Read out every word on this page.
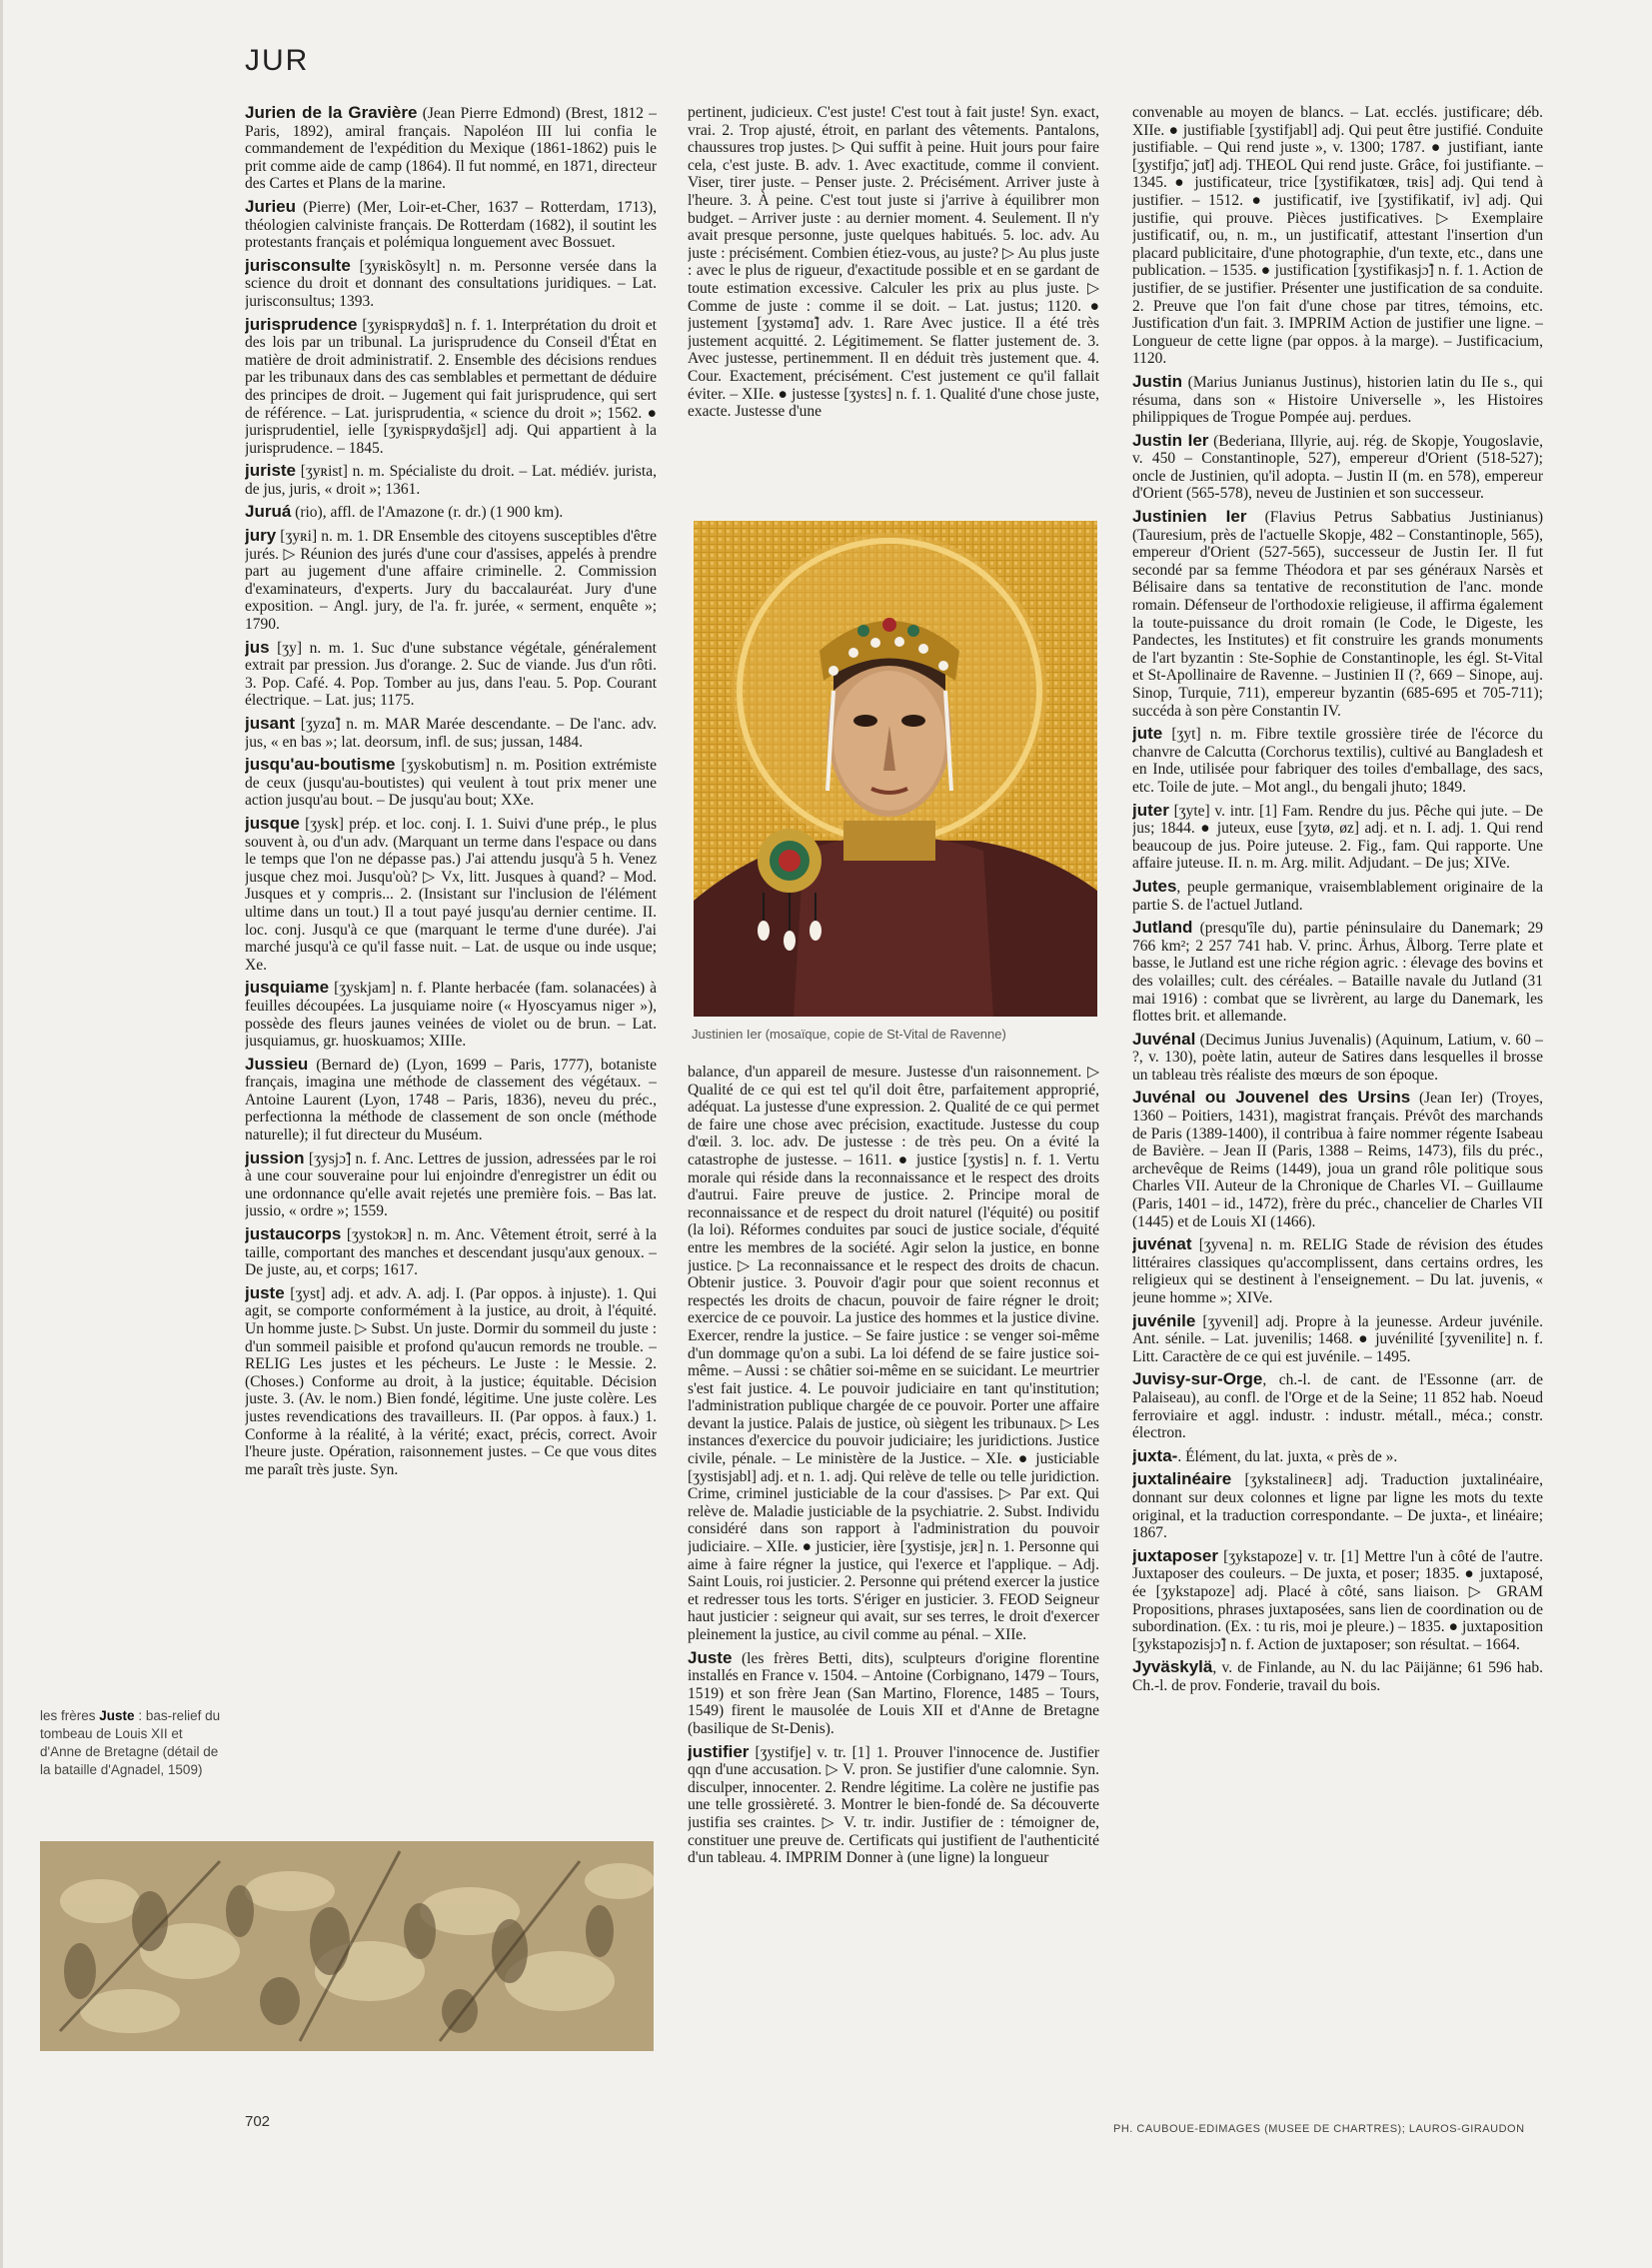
JUR
Jurien de la Gravière (Jean Pierre Edmond) (Brest, 1812 – Paris, 1892), amiral français. Napoléon III lui confia le commandement de l'expédition du Mexique (1861-1862) puis le prit comme aide de camp (1864). Il fut nommé, en 1871, directeur des Cartes et Plans de la marine.
Jurieu (Pierre) (Mer, Loir-et-Cher, 1637 – Rotterdam, 1713), théologien calviniste français. De Rotterdam (1682), il soutint les protestants français et polémiqua longuement avec Bossuet.
jurisconsulte [ʒyʀiskõsylt] n. m. Personne versée dans la science du droit et donnant des consultations juridiques. – Lat. jurisconsultus; 1393.
jurisprudence [ʒyʀispʀydɑ̃s] n. f. 1. Interprétation du droit et des lois par un tribunal. La jurisprudence du Conseil d'État en matière de droit administratif. 2. Ensemble des décisions rendues par les tribunaux dans des cas semblables et permettant de déduire des principes de droit. – Jugement qui fait jurisprudence, qui sert de référence. – Lat. jurisprudentia, « science du droit »; 1562. ● jurisprudentiel, ielle [ʒyʀispʀydɑ̃sjɛl] adj. Qui appartient à la jurisprudence. – 1845.
juriste [ʒyʀist] n. m. Spécialiste du droit. – Lat. médiév. jurista, de jus, juris, « droit »; 1361.
Juruá (rio), affl. de l'Amazone (r. dr.) (1 900 km).
jury [ʒyʀi] n. m. 1. DR Ensemble des citoyens susceptibles d'être jurés. ▷ Réunion des jurés d'une cour d'assises, appelés à prendre part au jugement d'une affaire criminelle. 2. Commission d'examinateurs, d'experts. Jury du baccalauréat. Jury d'une exposition. – Angl. jury, de l'a. fr. jurée, « serment, enquête »; 1790.
jus [ʒy] n. m. 1. Suc d'une substance végétale, généralement extrait par pression. Jus d'orange. 2. Suc de viande. Jus d'un rôti. 3. Pop. Café. 4. Pop. Tomber au jus, dans l'eau. 5. Pop. Courant électrique. – Lat. jus; 1175.
jusant [ʒyzɑ̃] n. m. MAR Marée descendante. – De l'anc. adv. jus, « en bas »; lat. deorsum, infl. de sus; jussan, 1484.
jusqu'au-boutisme [ʒyskobutism] n. m. Position extrémiste de ceux (jusqu'au-boutistes) qui veulent à tout prix mener une action jusqu'au bout. – De jusqu'au bout; XXe.
jusque [ʒysk] prép. et loc. conj. I. 1. Suivi d'une prép., le plus souvent à, ou d'un adv. (Marquant un terme dans l'espace ou dans le temps que l'on ne dépasse pas.) J'ai attendu jusqu'à 5 h. Venez jusque chez moi. Jusqu'où? ▷ Vx, litt. Jusques à quand? – Mod. Jusques et y compris... 2. (Insistant sur l'inclusion de l'élément ultime dans un tout.) Il a tout payé jusqu'au dernier centime. II. loc. conj. Jusqu'à ce que (marquant le terme d'une durée). J'ai marché jusqu'à ce qu'il fasse nuit. – Lat. de usque ou inde usque; Xe.
jusquiame [ʒyskjam] n. f. Plante herbacée (fam. solanacées) à feuilles découpées. La jusquiame noire (« Hyoscyamus niger »), possède des fleurs jaunes veinées de violet ou de brun. – Lat. jusquiamus, gr. huoskuamos; XIIIe.
Jussieu (Bernard de) (Lyon, 1699 – Paris, 1777), botaniste français, imagina une méthode de classement des végétaux. – Antoine Laurent (Lyon, 1748 – Paris, 1836), neveu du préc., perfectionna la méthode de classement de son oncle (méthode naturelle); il fut directeur du Muséum.
jussion [ʒysjɔ̃] n. f. Anc. Lettres de jussion, adressées par le roi à une cour souveraine pour lui enjoindre d'enregistrer un édit ou une ordonnance qu'elle avait rejetés une première fois. – Bas lat. jussio, « ordre »; 1559.
justaucorps [ʒystokɔʀ] n. m. Anc. Vêtement étroit, serré à la taille, comportant des manches et descendant jusqu'aux genoux. – De juste, au, et corps; 1617.
juste [ʒyst] adj. et adv. A. adj. I. (Par oppos. à injuste). 1. Qui agit, se comporte conformément à la justice, au droit, à l'équité. Un homme juste. ▷ Subst. Un juste. Dormir du sommeil du juste : d'un sommeil paisible et profond qu'aucun remords ne trouble. – RELIG Les justes et les pécheurs. Le Juste : le Messie. 2. (Choses.) Conforme au droit, à la justice; équitable. Décision juste. 3. (Av. le nom.) Bien fondé, légitime. Une juste colère. Les justes revendications des travailleurs. II. (Par oppos. à faux.) 1. Conforme à la réalité, à la vérité; exact, précis, correct. Avoir l'heure juste. Opération, raisonnement justes. – Ce que vous dites me paraît très juste. Syn.
pertinent, judicieux. C'est juste! C'est tout à fait juste! Syn. exact, vrai. 2. Trop ajusté, étroit, en parlant des vêtements. Pantalons, chaussures trop justes. ▷ Qui suffit à peine. Huit jours pour faire cela, c'est juste. B. adv. 1. Avec exactitude, comme il convient. Viser, tirer juste. – Penser juste. 2. Précisément. Arriver juste à l'heure. 3. À peine. C'est tout juste si j'arrive à équilibrer mon budget. – Arriver juste : au dernier moment. 4. Seulement. Il n'y avait presque personne, juste quelques habitués. 5. loc. adv. Au juste : précisément. Combien étiez-vous, au juste? ▷ Au plus juste : avec le plus de rigueur, d'exactitude possible et en se gardant de toute estimation excessive. Calculer les prix au plus juste. ▷ Comme de juste : comme il se doit. – Lat. justus; 1120. ● justement [ʒystəmɑ̃] adv. 1. Rare Avec justice. Il a été très justement acquitté. 2. Légitimement. Se flatter justement de. 3. Avec justesse, pertinemment. Il en déduit très justement que. 4. Cour. Exactement, précisément. C'est justement ce qu'il fallait éviter. – XIIe. ● justesse [ʒystɛs] n. f. 1. Qualité d'une chose juste, exacte. Justesse d'une
Justinien Ier (mosaïque, copie de St-Vital de Ravenne)
balance, d'un appareil de mesure. Justesse d'un raisonnement. ▷ Qualité de ce qui est tel qu'il doit être, parfaitement approprié, adéquat. La justesse d'une expression. 2. Qualité de ce qui permet de faire une chose avec précision, exactitude. Justesse du coup d'œil. 3. loc. adv. De justesse : de très peu. On a évité la catastrophe de justesse. – 1611. ● justice [ʒystis] n. f. 1. Vertu morale qui réside dans la reconnaissance et le respect des droits d'autrui. Faire preuve de justice. 2. Principe moral de reconnaissance et de respect du droit naturel (l'équité) ou positif (la loi). Réformes conduites par souci de justice sociale, d'équité entre les membres de la société. Agir selon la justice, en bonne justice. ▷ La reconnaissance et le respect des droits de chacun. Obtenir justice. 3. Pouvoir d'agir pour que soient reconnus et respectés les droits de chacun, pouvoir de faire régner le droit; exercice de ce pouvoir. La justice des hommes et la justice divine. Exercer, rendre la justice. – Se faire justice : se venger soi-même d'un dommage qu'on a subi. La loi défend de se faire justice soi-même. – Aussi : se châtier soi-même en se suicidant. Le meurtrier s'est fait justice. 4. Le pouvoir judiciaire en tant qu'institution; l'administration publique chargée de ce pouvoir. Porter une affaire devant la justice. Palais de justice, où siègent les tribunaux. ▷ Les instances d'exercice du pouvoir judiciaire; les juridictions. Justice civile, pénale. – Le ministère de la Justice. – XIe. ● justiciable [ʒystisjabl] adj. et n. 1. adj. Qui relève de telle ou telle juridiction. Crime, criminel justiciable de la cour d'assises. ▷ Par ext. Qui relève de. Maladie justiciable de la psychiatrie. 2. Subst. Individu considéré dans son rapport à l'administration du pouvoir judiciaire. – XIIe. ● justicier, ière [ʒystisje, jɛʀ] n. 1. Personne qui aime à faire régner la justice, qui l'exerce et l'applique. – Adj. Saint Louis, roi justicier. 2. Personne qui prétend exercer la justice et redresser tous les torts. S'ériger en justicier. 3. FEOD Seigneur haut justicier : seigneur qui avait, sur ses terres, le droit d'exercer pleinement la justice, au civil comme au pénal. – XIIe.
Juste (les frères Betti, dits), sculpteurs d'origine florentine installés en France v. 1504. – Antoine (Corbignano, 1479 – Tours, 1519) et son frère Jean (San Martino, Florence, 1485 – Tours, 1549) firent le mausolée de Louis XII et d'Anne de Bretagne (basilique de St-Denis).
justifier [ʒystifje] v. tr. [1] 1. Prouver l'innocence de. Justifier qqn d'une accusation. ▷ V. pron. Se justifier d'une calomnie. Syn. disculper, innocenter. 2. Rendre légitime. La colère ne justifie pas une telle grossièreté. 3. Montrer le bien-fondé de. Sa découverte justifia ses craintes. ▷ V. tr. indir. Justifier de : témoigner de, constituer une preuve de. Certificats qui justifient de l'authenticité d'un tableau. 4. IMPRIM Donner à (une ligne) la longueur
convenable au moyen de blancs. – Lat. ecclés. justificare; déb. XIIe. ● justifiable [ʒystifjabl] adj. Qui peut être justifié. Conduite justifiable. – Qui rend juste », v. 1300; 1787. ● justifiant, iante [ʒystifjɑ̃, jɑ̃t] adj. THEOL Qui rend juste. Grâce, foi justifiante. – 1345. ● justificateur, trice [ʒystifikatœʀ, tʀis] adj. Qui tend à justifier. – 1512. ● justificatif, ive [ʒystifikatif, iv] adj. Qui justifie, qui prouve. Pièces justificatives. ▷ Exemplaire justificatif, ou, n. m., un justificatif, attestant l'insertion d'un placard publicitaire, d'une photographie, d'un texte, etc., dans une publication. – 1535. ● justification [ʒystifikasjɔ̃] n. f. 1. Action de justifier, de se justifier. Présenter une justification de sa conduite. 2. Preuve que l'on fait d'une chose par titres, témoins, etc. Justification d'un fait. 3. IMPRIM Action de justifier une ligne. – Longueur de cette ligne (par oppos. à la marge). – Justificacium, 1120.
Justin (Marius Junianus Justinus), historien latin du IIe s., qui résuma, dans son « Histoire Universelle », les Histoires philippiques de Trogue Pompée auj. perdues.
Justin Ier (Bederiana, Illyrie, auj. rég. de Skopje, Yougoslavie, v. 450 – Constantinople, 527), empereur d'Orient (518-527); oncle de Justinien, qu'il adopta. – Justin II (m. en 578), empereur d'Orient (565-578), neveu de Justinien et son successeur.
Justinien Ier (Flavius Petrus Sabbatius Justinianus) (Tauresium, près de l'actuelle Skopje, 482 – Constantinople, 565), empereur d'Orient (527-565), successeur de Justin Ier. Il fut secondé par sa femme Théodora et par ses généraux Narsès et Bélisaire dans sa tentative de reconstitution de l'anc. monde romain. Défenseur de l'orthodoxie religieuse, il affirma également la toute-puissance du droit romain (le Code, le Digeste, les Pandectes, les Institutes) et fit construire les grands monuments de l'art byzantin : Ste-Sophie de Constantinople, les égl. St-Vital et St-Apollinaire de Ravenne. – Justinien II (?, 669 – Sinope, auj. Sinop, Turquie, 711), empereur byzantin (685-695 et 705-711); succéda à son père Constantin IV.
jute [ʒyt] n. m. Fibre textile grossière tirée de l'écorce du chanvre de Calcutta (Corchorus textilis), cultivé au Bangladesh et en Inde, utilisée pour fabriquer des toiles d'emballage, des sacs, etc. Toile de jute. – Mot angl., du bengali jhuto; 1849.
juter [ʒyte] v. intr. [1] Fam. Rendre du jus. Pêche qui jute. – De jus; 1844. ● juteux, euse [ʒytø, øz] adj. et n. I. adj. 1. Qui rend beaucoup de jus. Poire juteuse. 2. Fig., fam. Qui rapporte. Une affaire juteuse. II. n. m. Arg. milit. Adjudant. – De jus; XIVe.
Jutes, peuple germanique, vraisemblablement originaire de la partie S. de l'actuel Jutland.
Jutland (presqu'île du), partie péninsulaire du Danemark; 29 766 km²; 2 257 741 hab. V. princ. Århus, Ålborg. Terre plate et basse, le Jutland est une riche région agric. : élevage des bovins et des volailles; cult. des céréales. – Bataille navale du Jutland (31 mai 1916) : combat que se livrèrent, au large du Danemark, les flottes brit. et allemande.
Juvénal (Decimus Junius Juvenalis) (Aquinum, Latium, v. 60 – ?, v. 130), poète latin, auteur de Satires dans lesquelles il brosse un tableau très réaliste des mœurs de son époque.
Juvénal ou Jouvenel des Ursins (Jean Ier) (Troyes, 1360 – Poitiers, 1431), magistrat français. Prévôt des marchands de Paris (1389-1400), il contribua à faire nommer régente Isabeau de Bavière. – Jean II (Paris, 1388 – Reims, 1473), fils du préc., archevêque de Reims (1449), joua un grand rôle politique sous Charles VII. Auteur de la Chronique de Charles VI. – Guillaume (Paris, 1401 – id., 1472), frère du préc., chancelier de Charles VII (1445) et de Louis XI (1466).
juvénat [ʒyvena] n. m. RELIG Stade de révision des études littéraires classiques qu'accomplissent, dans certains ordres, les religieux qui se destinent à l'enseignement. – Du lat. juvenis, « jeune homme »; XIVe.
juvénile [ʒyvenil] adj. Propre à la jeunesse. Ardeur juvénile. Ant. sénile. – Lat. juvenilis; 1468. ● juvénilité [ʒyvenilite] n. f. Litt. Caractère de ce qui est juvénile. – 1495.
Juvisy-sur-Orge, ch.-l. de cant. de l'Essonne (arr. de Palaiseau), au confl. de l'Orge et de la Seine; 11 852 hab. Noeud ferroviaire et aggl. industr. : industr. métall., méca.; constr. électron.
juxta-. Élément, du lat. juxta, « près de ».
juxtalinéaire [ʒykstalineɛʀ] adj. Traduction juxtalinéaire, donnant sur deux colonnes et ligne par ligne les mots du texte original, et la traduction correspondante. – De juxta-, et linéaire; 1867.
juxtaposer [ʒykstapoze] v. tr. [1] Mettre l'un à côté de l'autre. Juxtaposer des couleurs. – De juxta, et poser; 1835. ● juxtaposé, ée [ʒykstapoze] adj. Placé à côté, sans liaison. ▷ GRAM Propositions, phrases juxtaposées, sans lien de coordination ou de subordination. (Ex. : tu ris, moi je pleure.) – 1835. ● juxtaposition [ʒykstapozisjɔ̃] n. f. Action de juxtaposer; son résultat. – 1664.
Jyväskylä, v. de Finlande, au N. du lac Päijänne; 61 596 hab. Ch.-l. de prov. Fonderie, travail du bois.
les frères Juste : bas-relief du tombeau de Louis XII et d'Anne de Bretagne (détail de la bataille d'Agnadel, 1509)
702	PH. CAUBOUE-EDIMAGES (MUSEE DE CHARTRES); LAUROS-GIRAUDON
